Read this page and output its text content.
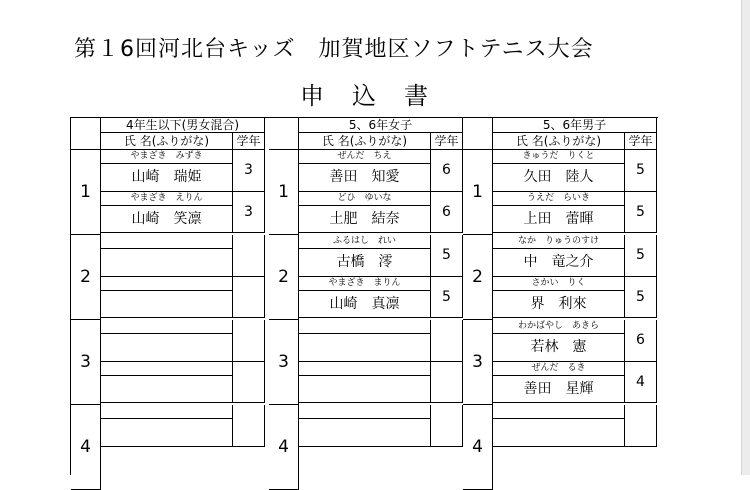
第１6回河北台キッズ　加賀地区ソフトテニス大会
申込書
4年生以下(男女混合)
氏 名(ふりがな)	学年
1
やまざき　みずき
山崎　瑞姫	3
やまざき　えりん
山崎　笑凛	3
2
3
4
5、6年女子
氏 名(ふりがな)	学年
1
ぜんだ　ちえ
善田　知愛	6
どひ　ゆいな
土肥　結奈	6
2
ふるはし　れい
古橋　澪	5
やまざき　まりん
山崎　真凛	5
3
4
5、6年男子
氏 名(ふりがな)	学年
1
きゅうだ　りくと
久田　陸人	5
うえだ　らいき
上田　蕾暉	5
2
なか　りゅうのすけ
中　竜之介	5
さかい　りく
界　利來	5
3
わかばやし　あきら
若林　憲	6
ぜんだ　るき
善田　星輝	4
4
